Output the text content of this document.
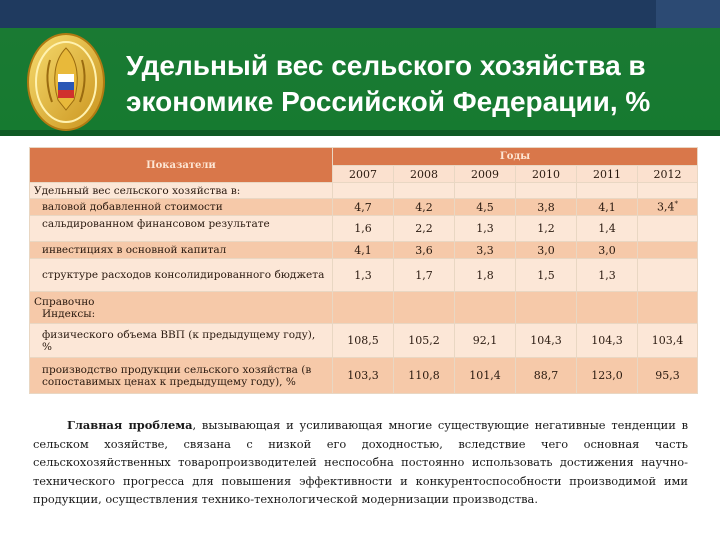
Удельный вес сельского хозяйства в
экономике Российской Федерации, %
Показатели	Годы					
	2007	2008	2009	2010	2011	2012
Удельный вес сельского хозяйства в:						
валовой добавленной стоимости	4,7	4,2	4,5	3,8	4,1	3,4*
сальдированном финансовом результате	1,6	2,2	1,3	1,2	1,4	
инвестициях в основной капитал	4,1	3,6	3,3	3,0	3,0	
структуре расходов консолидированного бюджета	1,3	1,7	1,8	1,5	1,3	

Справочно
Индексы:						

физического объема ВВП (к предыдущему году), %	108,5	105,2	92,1	104,3	104,3	103,4
производство продукции сельского хозяйства (в сопоставимых ценах к предыдущему году), %	103,3	110,8	101,4	88,7	123,0	95,3

Главная проблема, вызывающая и усиливающая многие существующие негативные тенденции в сельском хозяйстве, связана с низкой его доходностью, вследствие чего основная часть сельскохозяйственных товаропроизводителей неспособна постоянно использовать достижения научно-технического прогресса для повышения эффективности и конкурентоспособности производимой ими продукции, осуществления технико-технологической модернизации производства.
